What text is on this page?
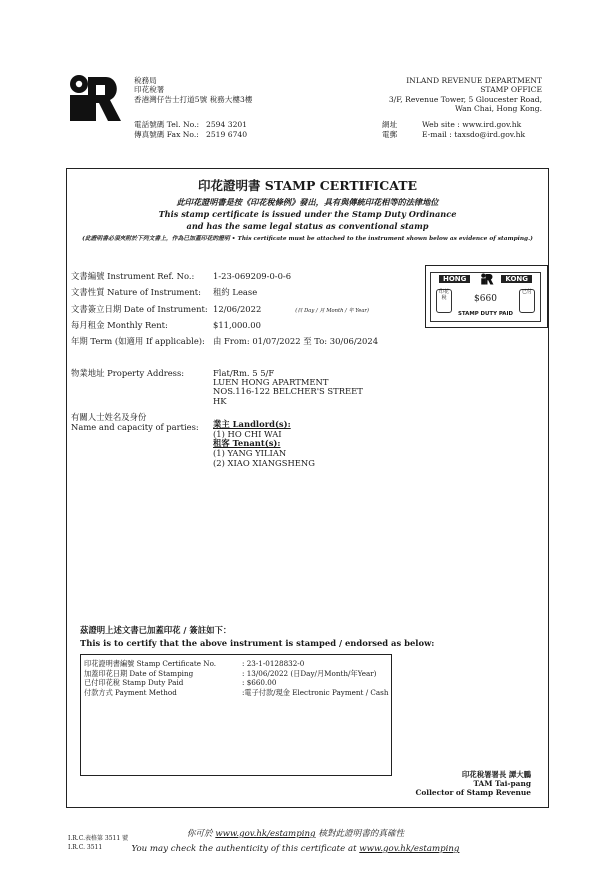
稅務局
印花稅署
香港灣仔告士打道5號 稅務大樓3樓
電話號碼 Tel. No.: 2594 3201
傳真號碼 Fax No.: 2519 6740
INLAND REVENUE DEPARTMENT
STAMP OFFICE
3/F, Revenue Tower, 5 Gloucester Road,
Wan Chai, Hong Kong.
網址	Web site : www.ird.gov.hk
電郵	E-mail : taxsdo@ird.gov.hk
印花證明書 STAMP CERTIFICATE
此印花證明書是按《印花稅條例》發出，具有與傳統印花相等的法律地位
This stamp certificate is issued under the Stamp Duty Ordinance
and has the same legal status as conventional stamp
(此證明書必須夾附於下列文書上，作為已加蓋印花的證明 • This certificate must be attached to the instrument shown below as evidence of stamping.)
文書編號 Instrument Ref. No.:	1-23-069209-0-0-6
文書性質 Nature of Instrument:	租約 Lease
文書簽立日期 Date of Instrument: 12/06/2022	(日 Day / 月 Month / 年 Year)
每月租金 Monthly Rent:	$11,000.00
年期 Term (如適用 If applicable): 由 From: 01/07/2022 至 To: 30/06/2024
物業地址 Property Address:	Flat/Rm. 5 5/F
LUEN HONG APARTMENT
NOS.116-122 BELCHER'S STREET
HK
有關人士姓名及身份
Name and capacity of parties: 業主 Landlord(s):
(1) HO CHI WAI
租客 Tenant(s):
(1) YANG YILIAN
(2) XIAO XIANGSHENG
HONG	KONG
印花稅
已付
$660
STAMP DUTY PAID
茲證明上述文書已加蓋印花 / 簽註如下：
This is to certify that the above instrument is stamped / endorsed as below:
印花證明書編號 Stamp Certificate No.	: 23-1-0128832-0
加蓋印花日期 Date of Stamping	: 13/06/2022 (日Day/月Month/年Year)
已付印花稅 Stamp Duty Paid	: $660.00
付款方式 Payment Method	:電子付款/現金 Electronic Payment / Cash
印花稅署署長 譚大鵬
TAM Tai-pang
Collector of Stamp Revenue
I.R.C.表格第 3511 號
I.R.C. 3511
你可於 www.gov.hk/estamping 核對此證明書的真確性
You may check the authenticity of this certificate at www.gov.hk/estamping
